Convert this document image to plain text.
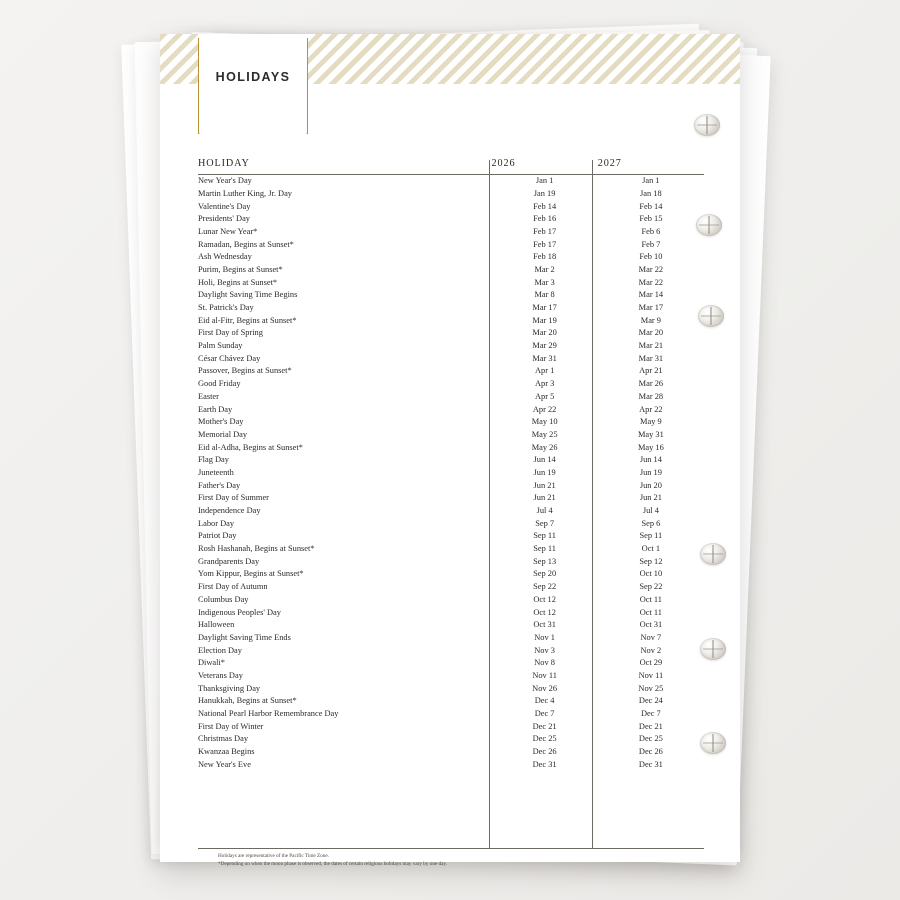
HOLIDAYS
HOLIDAY	2026	2027

New Year's Day	Jan 1	Jan 1
Martin Luther King, Jr. Day	Jan 19	Jan 18
Valentine's Day	Feb 14	Feb 14
Presidents' Day	Feb 16	Feb 15
Lunar New Year*	Feb 17	Feb 6
Ramadan, Begins at Sunset*	Feb 17	Feb 7
Ash Wednesday	Feb 18	Feb 10
Purim, Begins at Sunset*	Mar 2	Mar 22
Holi, Begins at Sunset*	Mar 3	Mar 22
Daylight Saving Time Begins	Mar 8	Mar 14
St. Patrick's Day	Mar 17	Mar 17
Eid al-Fitr, Begins at Sunset*	Mar 19	Mar 9
First Day of Spring	Mar 20	Mar 20
Palm Sunday	Mar 29	Mar 21
César Chávez Day	Mar 31	Mar 31
Passover, Begins at Sunset*	Apr 1	Apr 21
Good Friday	Apr 3	Mar 26
Easter	Apr 5	Mar 28
Earth Day	Apr 22	Apr 22
Mother's Day	May 10	May 9
Memorial Day	May 25	May 31
Eid al-Adha, Begins at Sunset*	May 26	May 16
Flag Day	Jun 14	Jun 14
Juneteenth	Jun 19	Jun 19
Father's Day	Jun 21	Jun 20
First Day of Summer	Jun 21	Jun 21
Independence Day	Jul 4	Jul 4
Labor Day	Sep 7	Sep 6
Patriot Day	Sep 11	Sep 11
Rosh Hashanah, Begins at Sunset*	Sep 11	Oct 1
Grandparents Day	Sep 13	Sep 12
Yom Kippur, Begins at Sunset*	Sep 20	Oct 10
First Day of Autumn	Sep 22	Sep 22
Columbus Day	Oct 12	Oct 11
Indigenous Peoples' Day	Oct 12	Oct 11
Halloween	Oct 31	Oct 31
Daylight Saving Time Ends	Nov 1	Nov 7
Election Day	Nov 3	Nov 2
Diwali*	Nov 8	Oct 29
Veterans Day	Nov 11	Nov 11
Thanksgiving Day	Nov 26	Nov 25
Hanukkah, Begins at Sunset*	Dec 4	Dec 24
National Pearl Harbor Remembrance Day	Dec 7	Dec 7
First Day of Winter	Dec 21	Dec 21
Christmas Day	Dec 25	Dec 25
Kwanzaa Begins	Dec 26	Dec 26
New Year's Eve	Dec 31	Dec 31
Holidays are representative of the Pacific Time Zone.
*Depending on when the moon phase is observed, the dates of certain religious holidays may vary by one day.
